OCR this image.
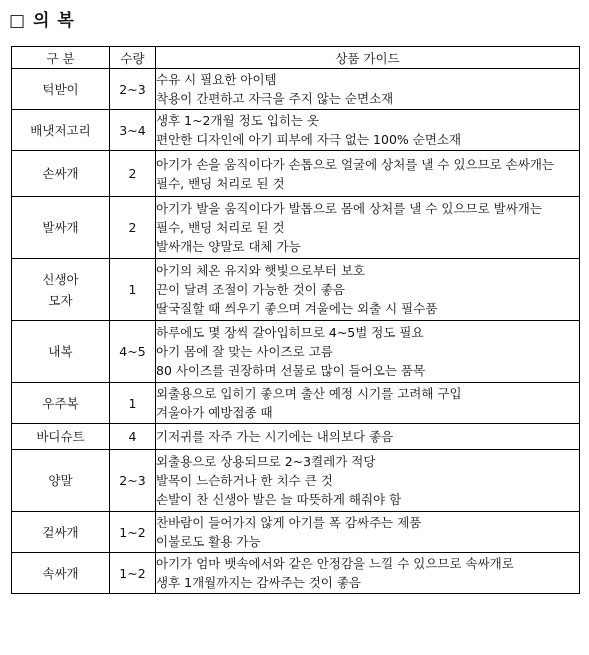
□ 의 복
구 분	수량	상품 가이드

턱받이	2~3	수유 시 필요한 아이템
착용이 간편하고 자극을 주지 않는 순면소재

배냇저고리	3~4	생후 1~2개월 정도 입히는 옷
편안한 디자인에 아기 피부에 자극 없는 100% 순면소재

손싸개	2	아기가 손을 움직이다가 손톱으로 얼굴에 상처를 낼 수 있으므로 손싸개는
필수, 밴딩 처리로 된 것

발싸개	2	아기가 발을 움직이다가 발톱으로 몸에 상처를 낼 수 있으므로 발싸개는
필수, 밴딩 처리로 된 것
발싸개는 양말로 대체 가능

신생아
모자	1	아기의 체온 유지와 햇빛으로부터 보호
끈이 달려 조절이 가능한 것이 좋음
딸국질할 때 씌우기 좋으며 겨울에는 외출 시 필수품

내복	4~5	하루에도 몇 장씩 갈아입히므로 4~5벌 정도 필요
아기 몸에 잘 맞는 사이즈로 고름
80 사이즈를 권장하며 선물로 많이 들어오는 품목

우주복	1	외출용으로 입히기 좋으며 출산 예정 시기를 고려해 구입
겨울아가 예방접종 때

바디슈트	4	기저귀를 자주 가는 시기에는 내의보다 좋음

양말	2~3	외출용으로 상용되므로 2~3켤레가 적당
발목이 느슨하거나 한 치수 큰 것
손발이 찬 신생아 발은 늘 따뜻하게 해줘야 함

겉싸개	1~2	찬바람이 들어가지 않게 아기를 폭 감싸주는 제품
이불로도 활용 가능

속싸개	1~2	아기가 엄마 뱃속에서와 같은 안정감을 느낄 수 있으므로 속싸개로
생후 1개월까지는 감싸주는 것이 좋음
